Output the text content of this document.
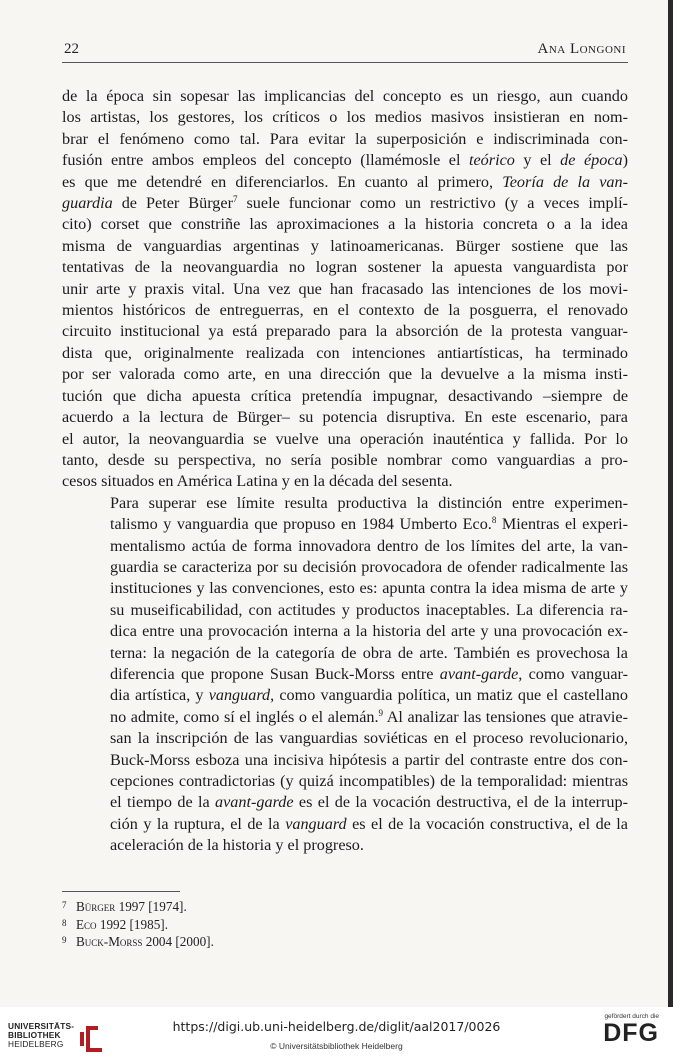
22	Ana Longoni

de la época sin sopesar las implicancias del concepto es un riesgo, aun cuando
los artistas, los gestores, los críticos o los medios masivos insistieran en nom-
brar el fenómeno como tal. Para evitar la superposición e indiscriminada con-
fusión entre ambos empleos del concepto (llamémosle el teórico y el de época)
es que me detendré en diferenciarlos. En cuanto al primero, Teoría de la van-
guardia de Peter Bürger$^7$ suele funcionar como un restrictivo (y a veces implí-
cito) corset que constriñe las aproximaciones a la historia concreta o a la idea
misma de vanguardias argentinas y latinoamericanas. Bürger sostiene que las
tentativas de la neovanguardia no logran sostener la apuesta vanguardista por
unir arte y praxis vital. Una vez que han fracasado las intenciones de los movi-
mientos históricos de entreguerras, en el contexto de la posguerra, el renovado
circuito institucional ya está preparado para la absorción de la protesta vanguar-
dista que, originalmente realizada con intenciones antiartísticas, ha terminado
por ser valorada como arte, en una dirección que la devuelve a la misma insti-
tución que dicha apuesta crítica pretendía impugnar, desactivando –siempre de
acuerdo a la lectura de Bürger– su potencia disruptiva. En este escenario, para
el autor, la neovanguardia se vuelve una operación inauténtica y fallida. Por lo
tanto, desde su perspectiva, no sería posible nombrar como vanguardias a pro-
cesos situados en América Latina y en la década del sesenta.

Para superar ese límite resulta productiva la distinción entre experimen-
talismo y vanguardia que propuso en 1984 Umberto Eco.$^8$ Mientras el experi-
mentalismo actúa de forma innovadora dentro de los límites del arte, la van-
guardia se caracteriza por su decisión provocadora de ofender radicalmente las
instituciones y las convenciones, esto es: apunta contra la idea misma de arte y
su museificabilidad, con actitudes y productos inaceptables. La diferencia ra-
dica entre una provocación interna a la historia del arte y una provocación ex-
terna: la negación de la categoría de obra de arte. También es provechosa la
diferencia que propone Susan Buck-Morss entre avant-garde, como vanguar-
dia artística, y vanguard, como vanguardia política, un matiz que el castellano
no admite, como sí el inglés o el alemán.$^9$ Al analizar las tensiones que atravie-
san la inscripción de las vanguardias soviéticas en el proceso revolucionario,
Buck-Morss esboza una incisiva hipótesis a partir del contraste entre dos con-
cepciones contradictorias (y quizá incompatibles) de la temporalidad: mientras
el tiempo de la avant-garde es el de la vocación destructiva, el de la interrup-
ción y la ruptura, el de la vanguard es el de la vocación constructiva, el de la
aceleración de la historia y el progreso.

7 Bürger 1997 [1974].
8 Eco 1992 [1985].
9 Buck-Morss 2004 [2000].
UNIVERSITÄTS-
BIBLIOTHEK
HEIDELBERG
https://digi.ub.uni-heidelberg.de/diglit/aal2017/0026
© Universitätsbibliothek Heidelberg
gefördert durch die
DFG
